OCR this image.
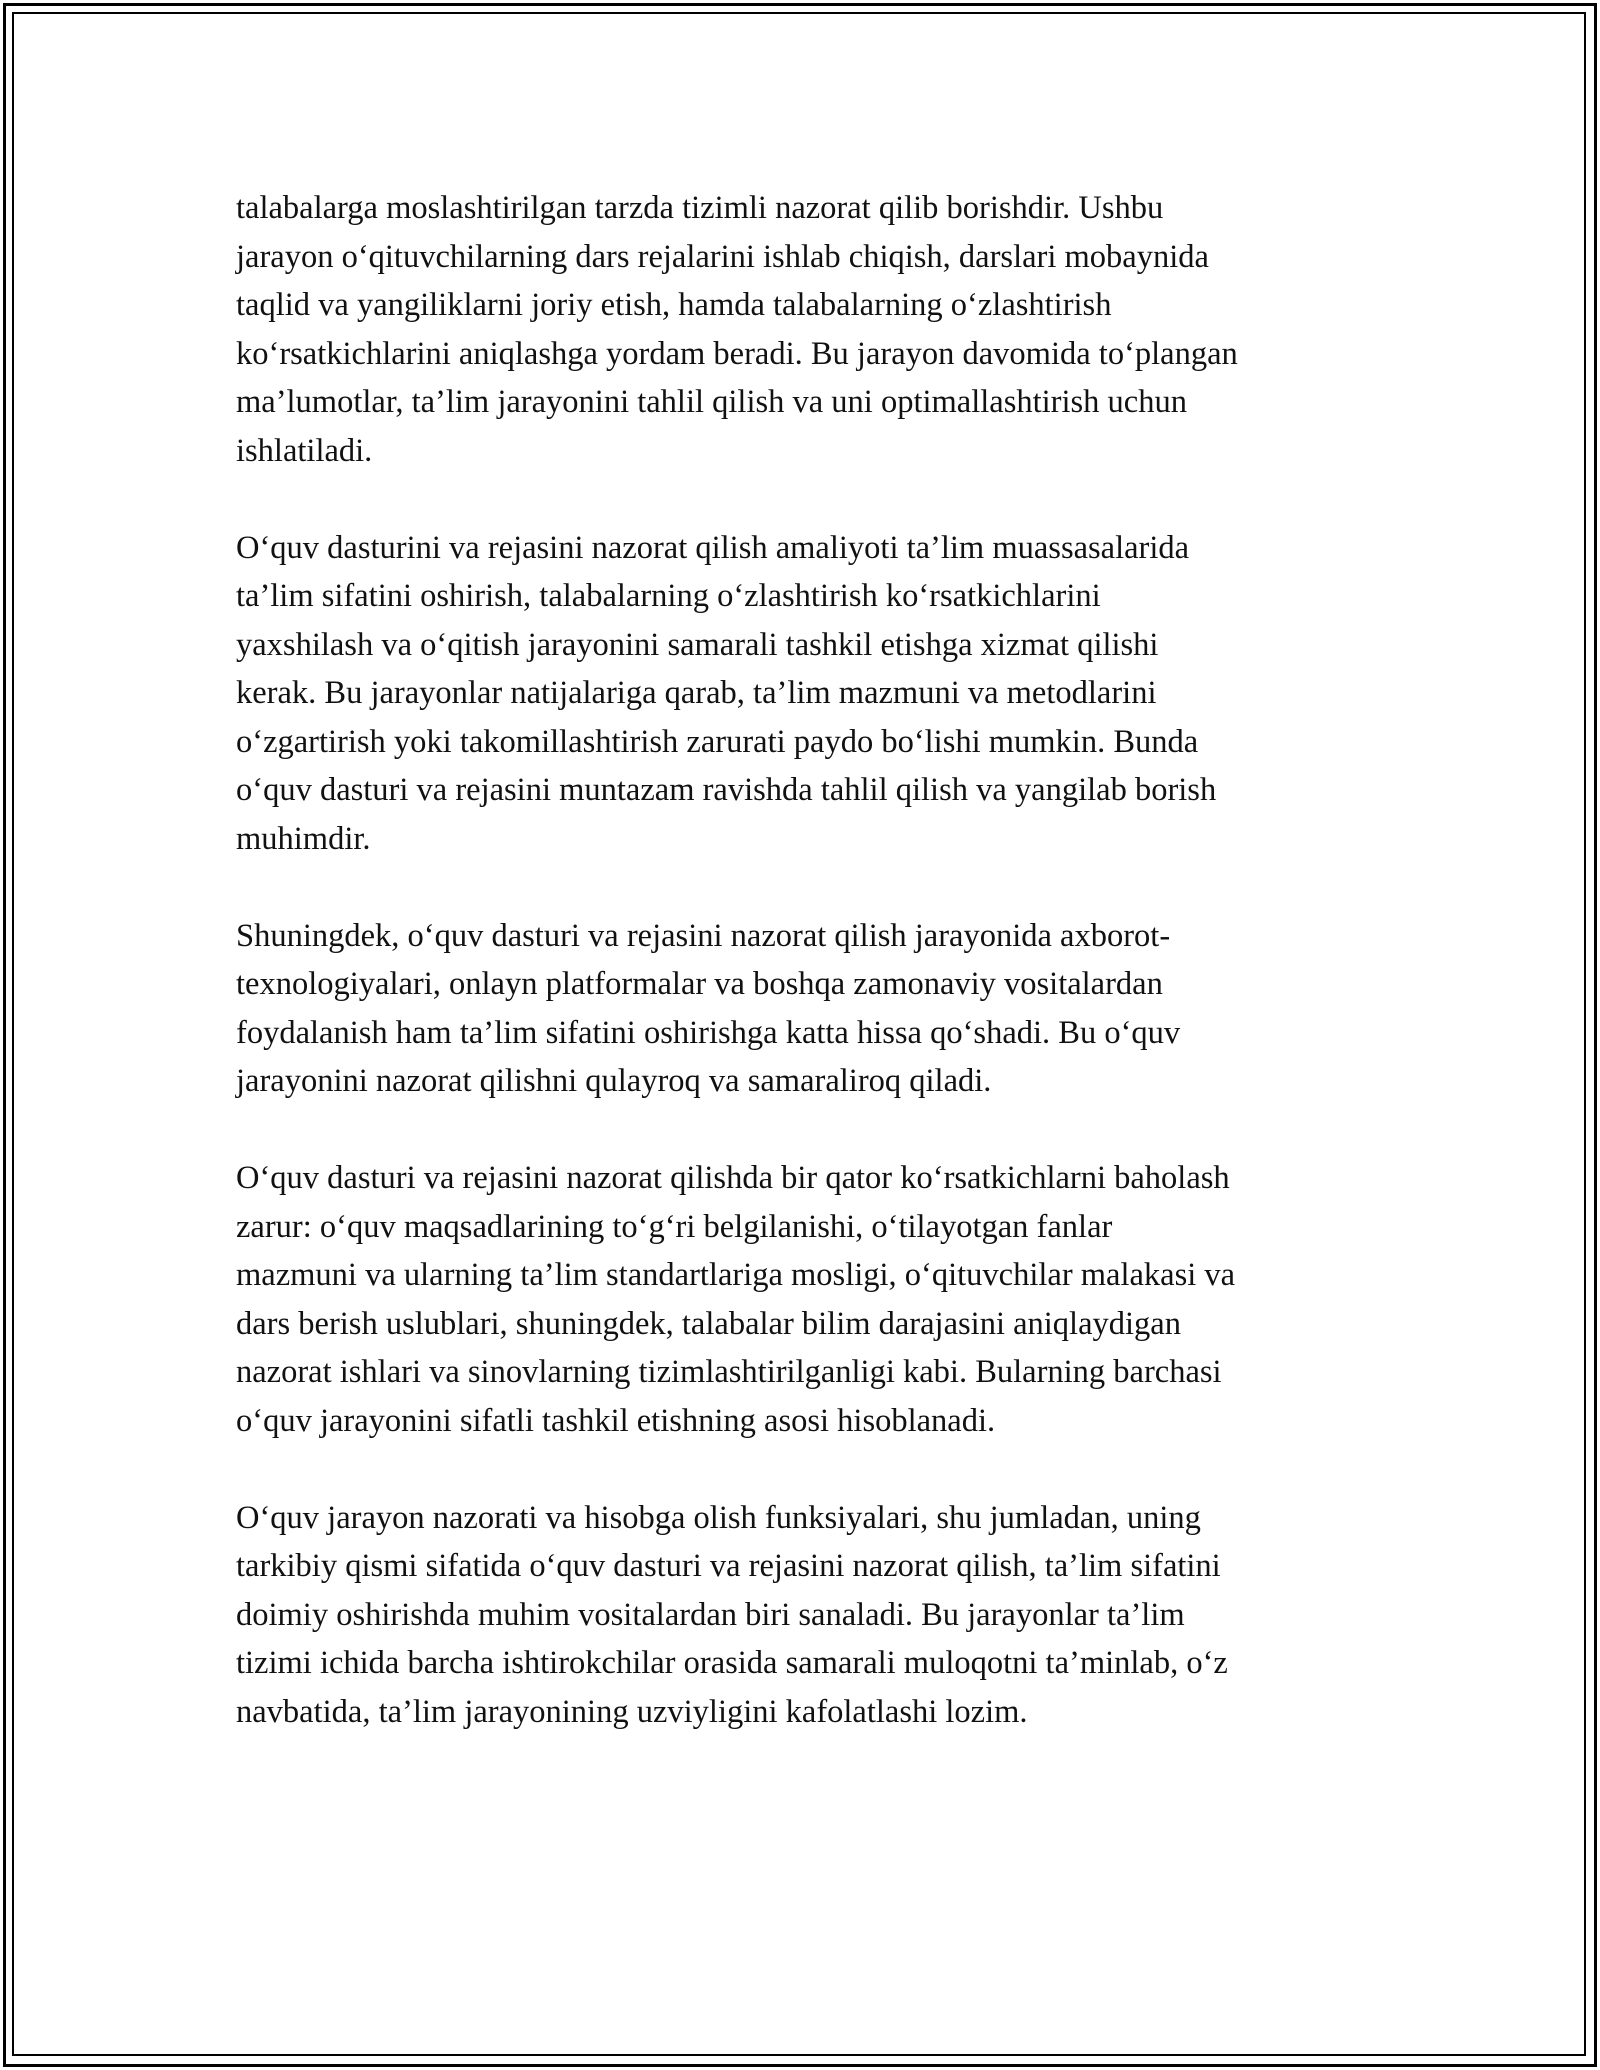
talabalarga moslashtirilgan tarzda tizimli nazorat qilib borishdir. Ushbu
jarayon o‘qituvchilarning dars rejalarini ishlab chiqish, darslari mobaynida
taqlid va yangiliklarni joriy etish, hamda talabalarning o‘zlashtirish
ko‘rsatkichlarini aniqlashga yordam beradi. Bu jarayon davomida to‘plangan
ma’lumotlar, ta’lim jarayonini tahlil qilish va uni optimallashtirish uchun
ishlatiladi.

O‘quv dasturini va rejasini nazorat qilish amaliyoti ta’lim muassasalarida
ta’lim sifatini oshirish, talabalarning o‘zlashtirish ko‘rsatkichlarini
yaxshilash va o‘qitish jarayonini samarali tashkil etishga xizmat qilishi
kerak. Bu jarayonlar natijalariga qarab, ta’lim mazmuni va metodlarini
o‘zgartirish yoki takomillashtirish zarurati paydo bo‘lishi mumkin. Bunda
o‘quv dasturi va rejasini muntazam ravishda tahlil qilish va yangilab borish
muhimdir.

Shuningdek, o‘quv dasturi va rejasini nazorat qilish jarayonida axborot-
texnologiyalari, onlayn platformalar va boshqa zamonaviy vositalardan
foydalanish ham ta’lim sifatini oshirishga katta hissa qo‘shadi. Bu o‘quv
jarayonini nazorat qilishni qulayroq va samaraliroq qiladi.

O‘quv dasturi va rejasini nazorat qilishda bir qator ko‘rsatkichlarni baholash
zarur: o‘quv maqsadlarining to‘g‘ri belgilanishi, o‘tilayotgan fanlar
mazmuni va ularning ta’lim standartlariga mosligi, o‘qituvchilar malakasi va
dars berish uslublari, shuningdek, talabalar bilim darajasini aniqlaydigan
nazorat ishlari va sinovlarning tizimlashtirilganligi kabi. Bularning barchasi
o‘quv jarayonini sifatli tashkil etishning asosi hisoblanadi.

O‘quv jarayon nazorati va hisobga olish funksiyalari, shu jumladan, uning
tarkibiy qismi sifatida o‘quv dasturi va rejasini nazorat qilish, ta’lim sifatini
doimiy oshirishda muhim vositalardan biri sanaladi. Bu jarayonlar ta’lim
tizimi ichida barcha ishtirokchilar orasida samarali muloqotni ta’minlab, o‘z
navbatida, ta’lim jarayonining uzviyligini kafolatlashi lozim.
